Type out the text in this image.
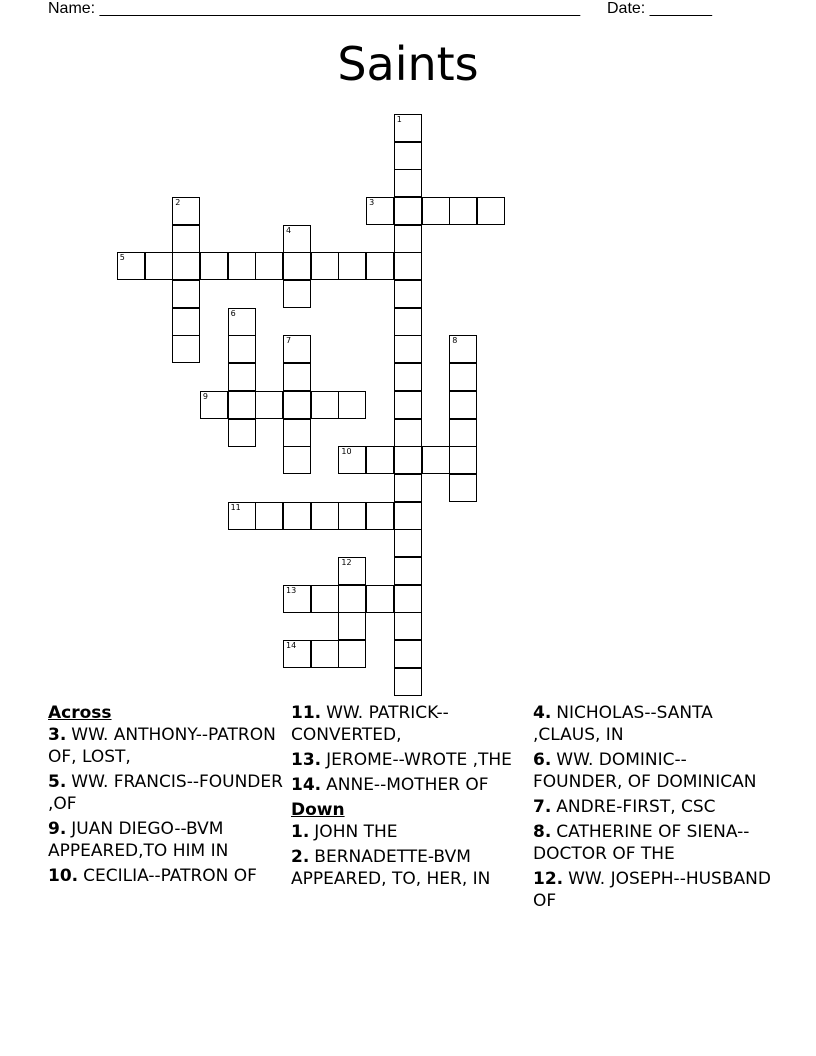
Name: ______________________________________________________ Date: _______
Saints
1
3
2
5
4
6
9
7	8
10
11
12
13
14
Across
3. WW. ANTHONY--PATRON OF, LOST,
5. WW. FRANCIS--FOUNDER ,OF
9. JUAN DIEGO--BVM APPEARED,TO HIM IN
10. CECILIA--PATRON OF
11. WW. PATRICK--CONVERTED,
13. JEROME--WROTE ,THE
14. ANNE--MOTHER OF
Down
1. JOHN THE
2. BERNADETTE-BVM APPEARED, TO, HER, IN
4. NICHOLAS--SANTA ,CLAUS, IN
6. WW. DOMINIC--FOUNDER, OF DOMINICAN
7. ANDRE-FIRST, CSC
8. CATHERINE OF SIENA--DOCTOR OF THE
12. WW. JOSEPH--HUSBAND OF
